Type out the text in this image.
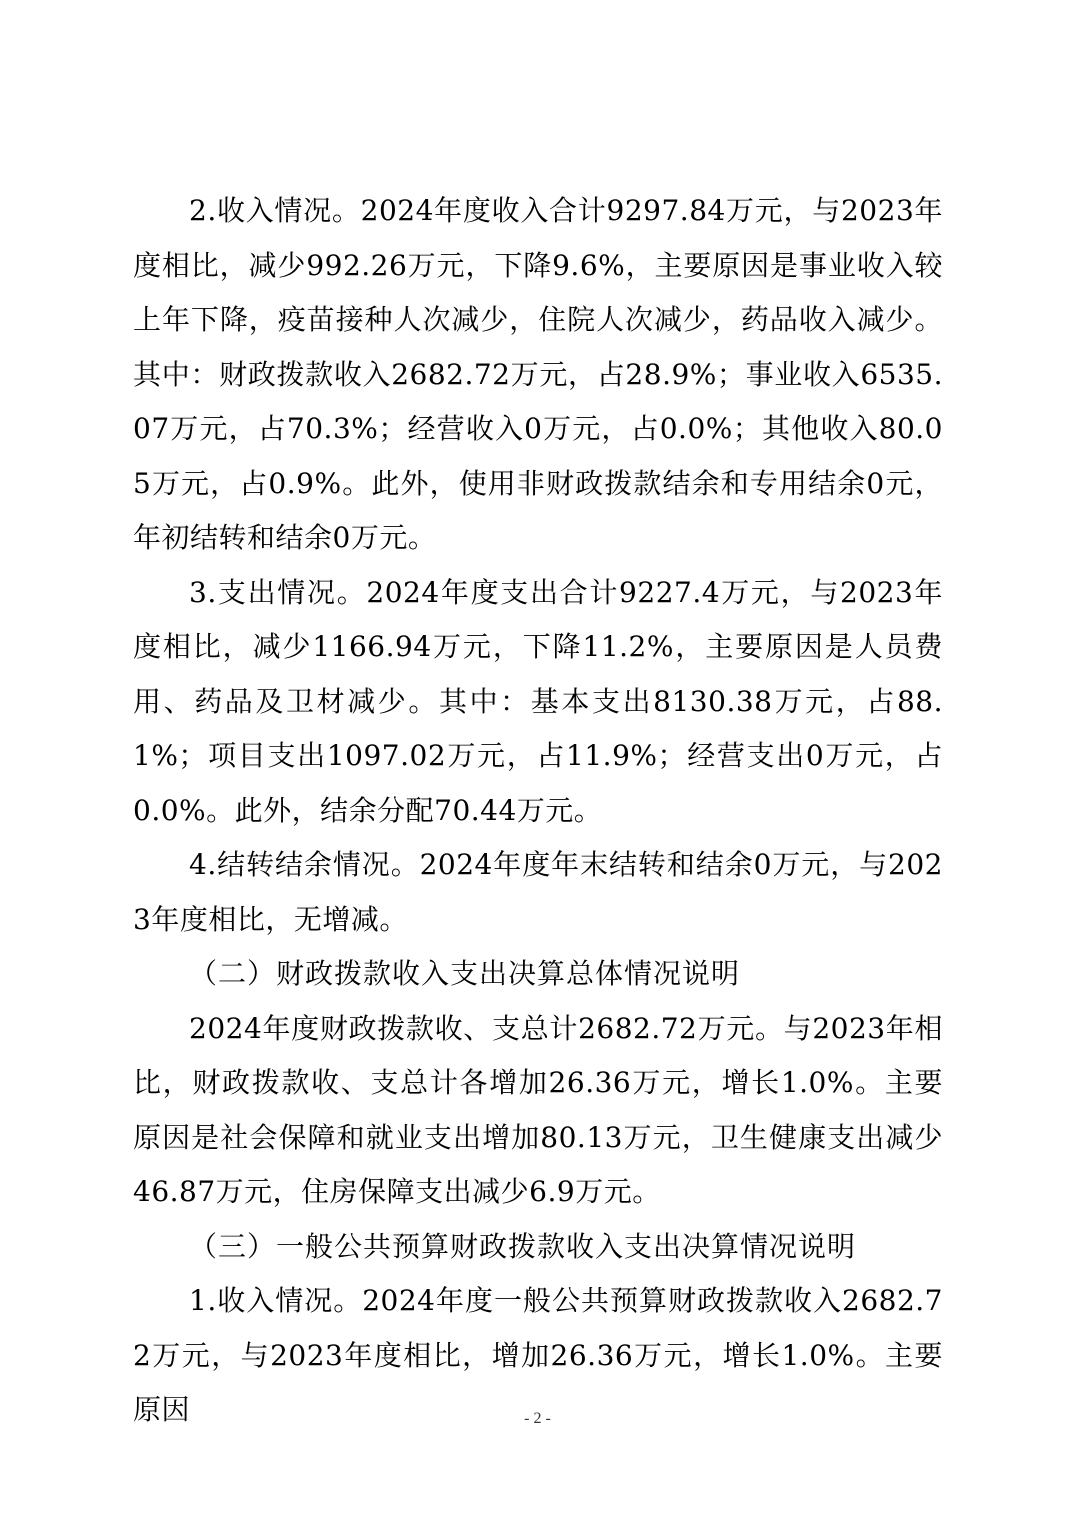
2.收入情况。2024年度收入合计9297.84万元，与2023年度相比，减少992.26万元，下降9.6%，主要原因是事业收入较上年下降，疫苗接种人次减少，住院人次减少，药品收入减少。其中：财政拨款收入2682.72万元，占28.9%；事业收入6535.07万元，占70.3%；经营收入0万元，占0.0%；其他收入80.05万元，占0.9%。此外，使用非财政拨款结余和专用结余0元，年初结转和结余0万元。

3.支出情况。2024年度支出合计9227.4万元，与2023年度相比，减少1166.94万元，下降11.2%，主要原因是人员费用、药品及卫材减少。其中：基本支出8130.38万元，占88.1%；项目支出1097.02万元，占11.9%；经营支出0万元，占0.0%。此外，结余分配70.44万元。

4.结转结余情况。2024年度年末结转和结余0万元，与2023年度相比，无增减。

（二）财政拨款收入支出决算总体情况说明

2024年度财政拨款收、支总计2682.72万元。与2023年相比，财政拨款收、支总计各增加26.36万元，增长1.0%。主要原因是社会保障和就业支出增加80.13万元，卫生健康支出减少46.87万元，住房保障支出减少6.9万元。

（三）一般公共预算财政拨款收入支出决算情况说明

1.收入情况。2024年度一般公共预算财政拨款收入2682.72万元，与2023年度相比，增加26.36万元，增长1.0%。主要原因	- 2 -
